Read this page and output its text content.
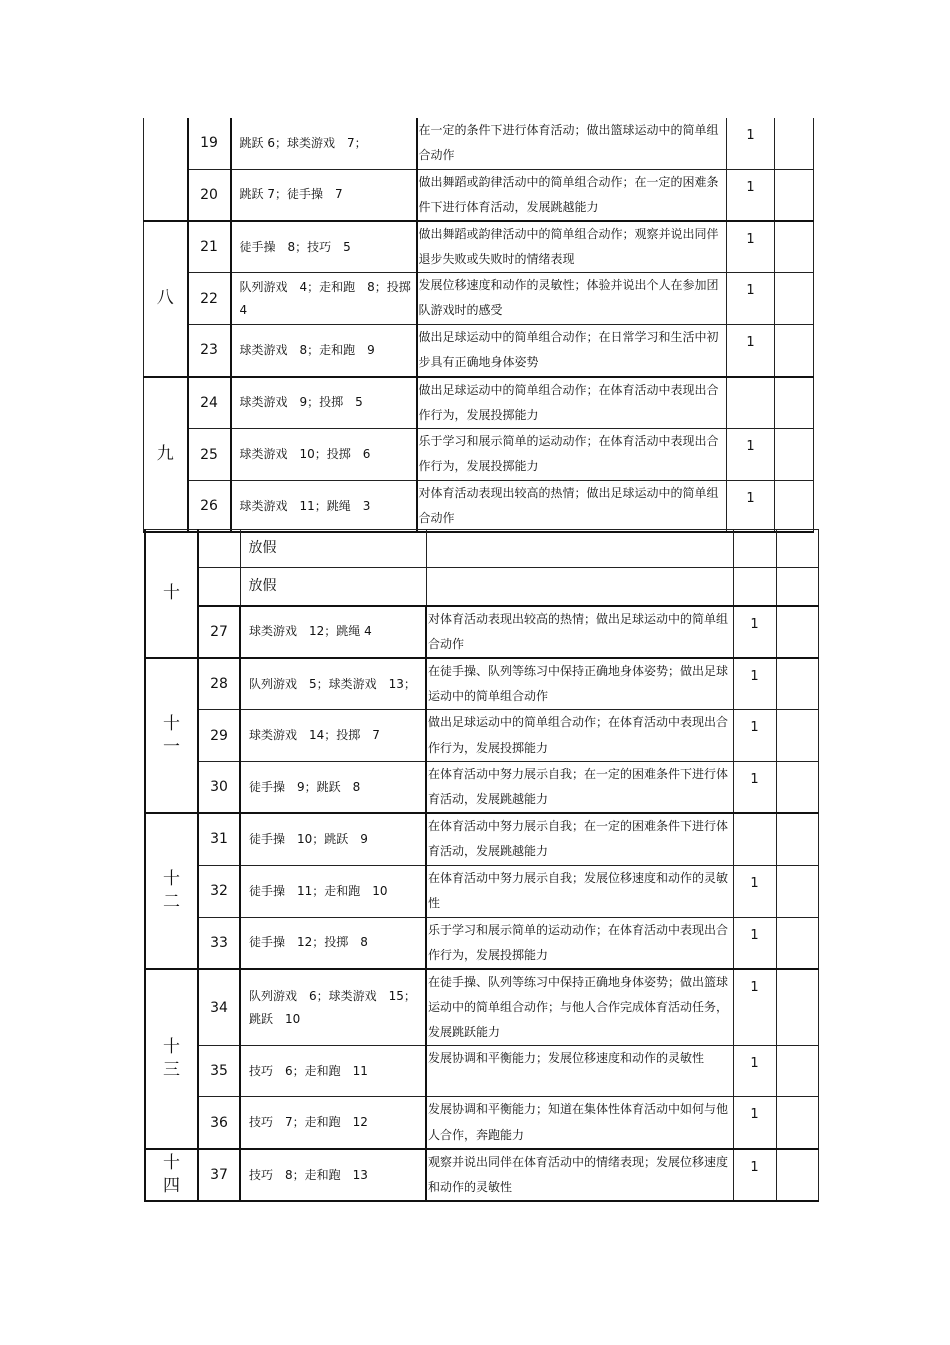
	19	跳跃 6；球类游戏　7；	在一定的条件下进行体育活动；做出篮球运动中的简单组合动作	1	
	20	跳跃 7；徒手操　7	做出舞蹈或韵律活动中的简单组合动作；在一定的困难条件下进行体育活动，发展跳越能力	1	

八	21	徒手操　8；技巧　5	做出舞蹈或韵律活动中的简单组合动作；观察并说出同伴退步失败或失败时的情绪表现	1	
	22	队列游戏　4；走和跑　8；投掷 4	发展位移速度和动作的灵敏性；体验并说出个人在参加团队游戏时的感受	1	
	23	球类游戏　8；走和跑　9	做出足球运动中的简单组合动作；在日常学习和生活中初步具有正确地身体姿势	1	

九	24	球类游戏　9；投掷　5	做出足球运动中的简单组合动作；在体育活动中表现出合作行为，发展投掷能力		
	25	球类游戏　10；投掷　6	乐于学习和展示简单的运动动作；在体育活动中表现出合作行为，发展投掷能力	1	
	26	球类游戏　11；跳绳　3	对体育活动表现出较高的热情；做出足球运动中的简单组合动作	1	
十		放假			
		放假			
	27	球类游戏　12；跳绳 4	对体育活动表现出较高的热情；做出足球运动中的简单组合动作	1	

十
一	28	队列游戏　5；球类游戏　13；	在徒手操、队列等练习中保持正确地身体姿势；做出足球运动中的简单组合动作	1	
	29	球类游戏　14；投掷　7	做出足球运动中的简单组合动作；在体育活动中表现出合作行为，发展投掷能力	1	
	30	徒手操　9；跳跃　8	在体育活动中努力展示自我；在一定的困难条件下进行体育活动，发展跳越能力	1	

十
二	31	徒手操　10；跳跃　9	在体育活动中努力展示自我；在一定的困难条件下进行体育活动，发展跳越能力		
	32	徒手操　11；走和跑　10	在体育活动中努力展示自我；发展位移速度和动作的灵敏性	1	
	33	徒手操　12；投掷　8	乐于学习和展示简单的运动动作；在体育活动中表现出合作行为，发展投掷能力	1	

十
三	34	队列游戏　6；球类游戏　15；跳跃　10	在徒手操、队列等练习中保持正确地身体姿势；做出篮球运动中的简单组合动作；与他人合作完成体育活动任务，发展跳跃能力	1	
	35	技巧　6；走和跑　11	发展协调和平衡能力；发展位移速度和动作的灵敏性	1	
	36	技巧　7；走和跑　12	发展协调和平衡能力；知道在集体性体育活动中如何与他人合作，奔跑能力	1	

十
四	37	技巧　8；走和跑　13	观察并说出同伴在体育活动中的情绪表现；发展位移速度和动作的灵敏性	1	
